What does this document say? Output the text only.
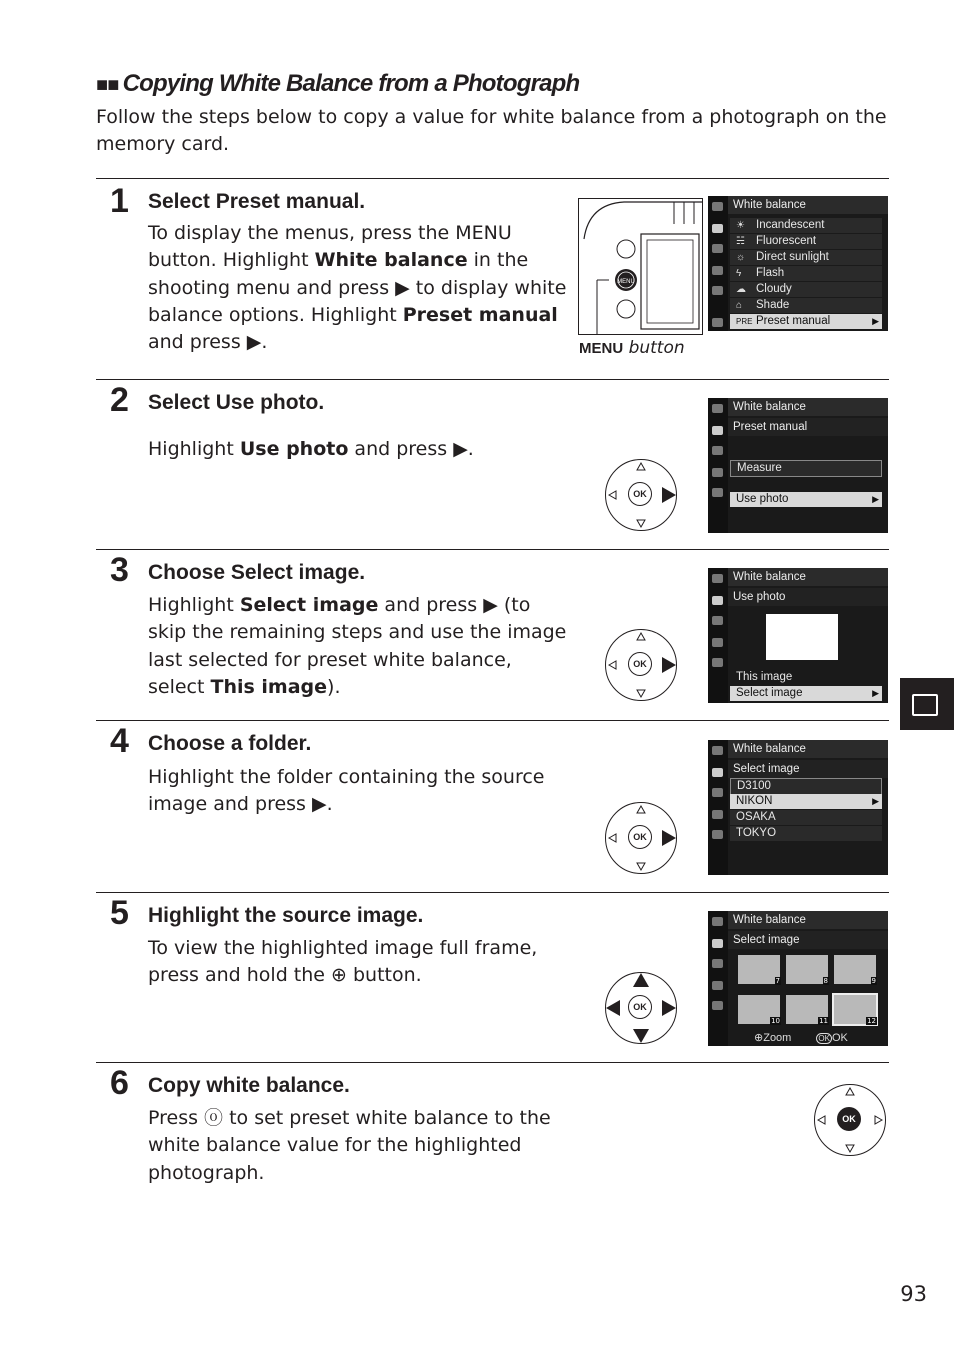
■■ Copying White Balance from a Photograph
Follow the steps below to copy a value for white balance from a photograph on the memory card.
1 Select Preset manual.
To display the menus, press the MENU button. Highlight White balance in the shooting menu and press ▶ to display white balance options. Highlight Preset manual and press ▶.
MENU
MENU button
White balance
☀ Incandescent
☵ Fluorescent
☼ Direct sunlight
ϟ Flash
☁ Cloudy
⌂ Shade
PRE Preset manual	▶
2 Select Use photo.
Highlight Use photo and press ▶.
OK
White balance
Preset manual
Measure
Use photo	▶
3 Choose Select image.
Highlight Select image and press ▶ (to skip the remaining steps and use the image last selected for preset white balance, select This image).
OK
White balance
Use photo
This image
Select image	▶
4 Choose a folder.
Highlight the folder containing the source image and press ▶.
OK
White balance
Select image
D3100
NIKON	▶
OSAKA
TOKYO
5 Highlight the source image.
To view the highlighted image full frame, press and hold the ⊕ button.
OK
White balance
Select image
7	8	9
10	11	12
⊕Zoom	OK OK
6 Copy white balance.
Press ⓞ to set preset white balance to the white balance value for the highlighted photograph.
OK
93
